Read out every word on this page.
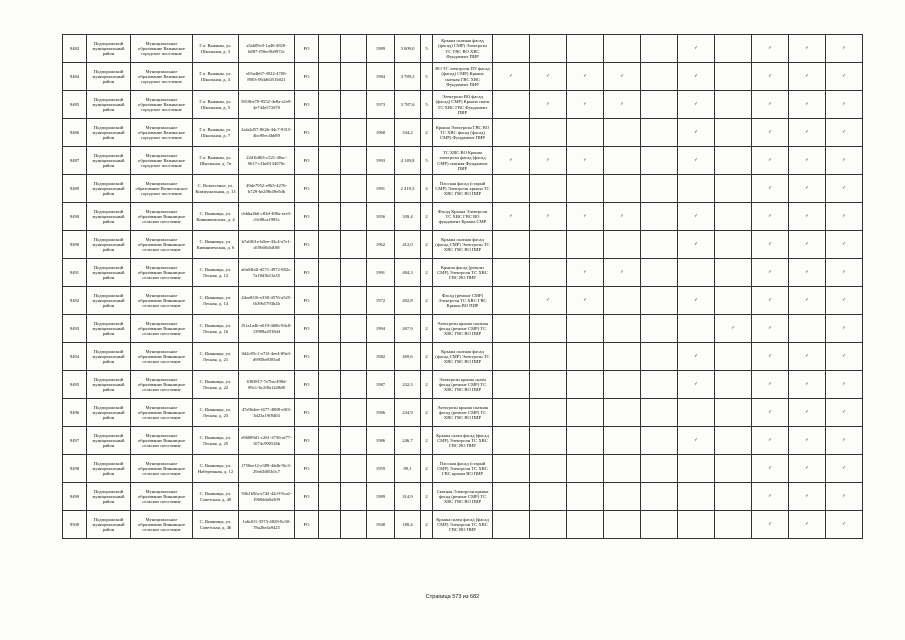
9482	Подпорожский муниципальный район	Муниципальное образование Важинское городское поселение	Г.п. Важины, ул. Школьная, д. 3	a5ab09c0-1a46-4920-b887-f58ec9b9972c	РО			1989	3 009,0	5	Крыша скатная фасад (фасад) СМР) Электроэн ТС ГВС ВО ХВС Фундамент ПИР						✓		✓	✓	✓
9484	Подпорожский муниципальный район	Муниципальное образование Важинское городское поселение	Г.п. Важины, ул. Школьная, д. 4	e03a4b67-3922-4700-8903-064d6451b021	РО			1984	3 789,3	5	ВО ТС электроэн ПУ фасад (фасад) СМР) Крыша скатная ГВС ХВС Фундамент ПИР	✓	✓	✓	✓		✓		✓	✓	✓
9485	Подпорожский муниципальный район	Муниципальное образование Важинское городское поселение	Г.п. Важины, ул. Школьная, д. 5	5810be70-9552-4e8a-a1e9-4e744e572d70	РО			1973	3 787,6	5	Электроэн ВО фасад (фасад) СМР) Крыша скатн ТС ХВС ГВС Фундамент ПИР		✓	✓	✓		✓		✓	✓	✓
9486	Подпорожский муниципальный район	Муниципальное образование Важинское городское поселение	Г.п. Важины, ул. Школьная, д. 7	2afa2d57-862b-44c7-9315-4bc90ec4bb89	РО			1968	334,2	2	Крыша Электроэн ГВС ВО ТС ХВС фасад (фасад) СМР) Фундамент ПИР						✓		✓	✓	✓
9487	Подпорожский муниципальный район	Муниципальное образование Важинское городское поселение	Г.п. Важины, ул. Школьная, д. 7в	22d1b863-c521-40ac-9617-c1be0134070c	РО			1993	4 149,8	5	ТС ХВС ВО Крыша электроэн фасад (фасад СМР) скатная Фундамент ПИР	✓	✓	✓			✓		✓	✓	✓
9489	Подпорожский муниципальный район	Муниципальное образование Вознесенское городское поселение	С. Вознесенье, ул. Коммунальная, д. 13	49de7952-e965-4276-b729-be2f9b49e5db	РО			1991	2 419,3	4	Плоская фасад (старый СМР) Электроэн крыша ТС ХВС ГВС ВО ПИР								✓	✓	✓
9490	Подпорожский муниципальный район	Муниципальное образование Винницкое сельское поселение	С. Винницы, ул. Кивиниемских, д. 4	cbbba4b6-c83d-408a-ace3-c9c88ca1983c	РО			1956	339,4	2	Фасад Крыша Электроэн ТС ХВС ГВС ВО фундамент Крыша СМР	✓	✓	✓	✓		✓		✓	✓	✓
9490	Подпорожский муниципальный район	Муниципальное образование Винницкое сельское поселение	С. Винницы, ул. Кивиниемская, д. 6	b7a0f61e-b0ee-43c4-a7e1-d19b0fb5d0f8	РО			1962	412,0	2	Крыша скатная фасад (фасад СМР) Электроэн ТС ХВС ГВС ВО ПИР						✓		✓	✓	✓
9491	Подпорожский муниципальный район	Муниципальное образование Винницкое сельское поселение	С. Винницы, ул. Лесная, д. 12	a0a04b4f-d571-4972-892c-7a18d3b13a35	РО			1991	484,3	2	Крыша фасад (ремонт СМР) Электроэн ТС ХВС ГВС ВО ПИР			✓	✓				✓	✓	✓
9492	Подпорожский муниципальный район	Муниципальное образование Винницкое сельское поселение	С. Винницы, ул. Лесная, д. 14	44ee8f16-e338-4576-a525-fb39b5793b2b	РО			1972	492,8	2	Фасад (ремонт СМР) Электроэн ТС ХВС ГВС Крыша ВО ПИР		✓	✓			✓		✓	✓	✓
9493	Подпорожский муниципальный район	Муниципальное образование Винницкое сельское поселение	С. Винницы, ул. Лесная, д. 16	f51a1a4b-e019-468b-94c8-13998a2018d4	РО			1994	267,9	2	Электроэн крыша скатная фасад (ремонт СМР) ТС ХВС ГВС ВО ПИР							✓	✓		✓
9494	Подпорожский муниципальный район	Муниципальное образование Винницкое сельское поселение	С. Винницы, ул. Лесная, д. 21	0d2c85c1-e7f3-4ee4-89a3-d9958e8385a8	РО			1982	269,6	2	Крыша скатная фасад (фасад СМР) Электроэн ТС ХВС ГВС ВО ПИР						✓		✓	✓	✓
9495	Подпорожский муниципальный район	Муниципальное образование Винницкое сельское поселение	С. Винницы, ул. Лесная, д. 22	1083817-7e7ba-498d-89c1-bc2f8a1428d8	РО			1987	232,3	2	Электроэн крыша скатн фасад (ремонт СМР) ТС ХВС ГВС ВО ПИР						✓		✓	✓	✓
9496	Подпорожский муниципальный район	Муниципальное образование Винницкое сельское поселение	С. Винницы, ул. Лесная, д. 23	47e9b4ee-f477-4888-a9f3-3d23a19f8404	РО			1986	234,9	2	Электроэн крыша скатная фасад (ремонт СМР) ТС ХВС ГВС ВО ПИР								✓	✓	✓
9497	Подпорожский муниципальный район	Муниципальное образование Винницкое сельское поселение	С. Винницы, ул. Лесная, д. 25	e96089d1-c261-4736-af77-1074c990526b	РО			1986	246,7	2	Крыша скатн фасад (фасад СМР) Электроэн ТС ХВС ГВС ВО ПИР						✓		✓	✓	✓
9498	Подпорожский муниципальный район	Муниципальное образование Винницкое сельское поселение	С. Винницы, ул. Набережная, д. 12	f750ee12-e389-4ddb-9fc3-29a63d81b5c7	РО			1959	89,1	2	Плоская фасад (старый СМР) Электроэн ТС ХВС ГВС крыша ВО ПИР								✓	✓	✓
9499	Подпорожский муниципальный район	Муниципальное образование Винницкое сельское поселение	С. Винницы, ул. Советская, д. 40	93b1b9fa-a742-42c9-9ca2-1969dda9a509	РО			1989	314,9	2	Скатная Электроэн крыша фасад (ремонт СМР) ТС ХВС ГВС ВО ПИР								✓	✓	✓
9500	Подпорожский муниципальный район	Муниципальное образование Винницкое сельское поселение	С. Винницы, ул. Советская, д. 46	1a6c0f1-3573-4828-8c50-78a26e4a9425	РО			1948	180,4	2	Крыша скатн фасад (фасад СМР) Электроэн ТС ХВС ГВС ВО ПИР								✓	✓	✓
Страница 573 из 682
